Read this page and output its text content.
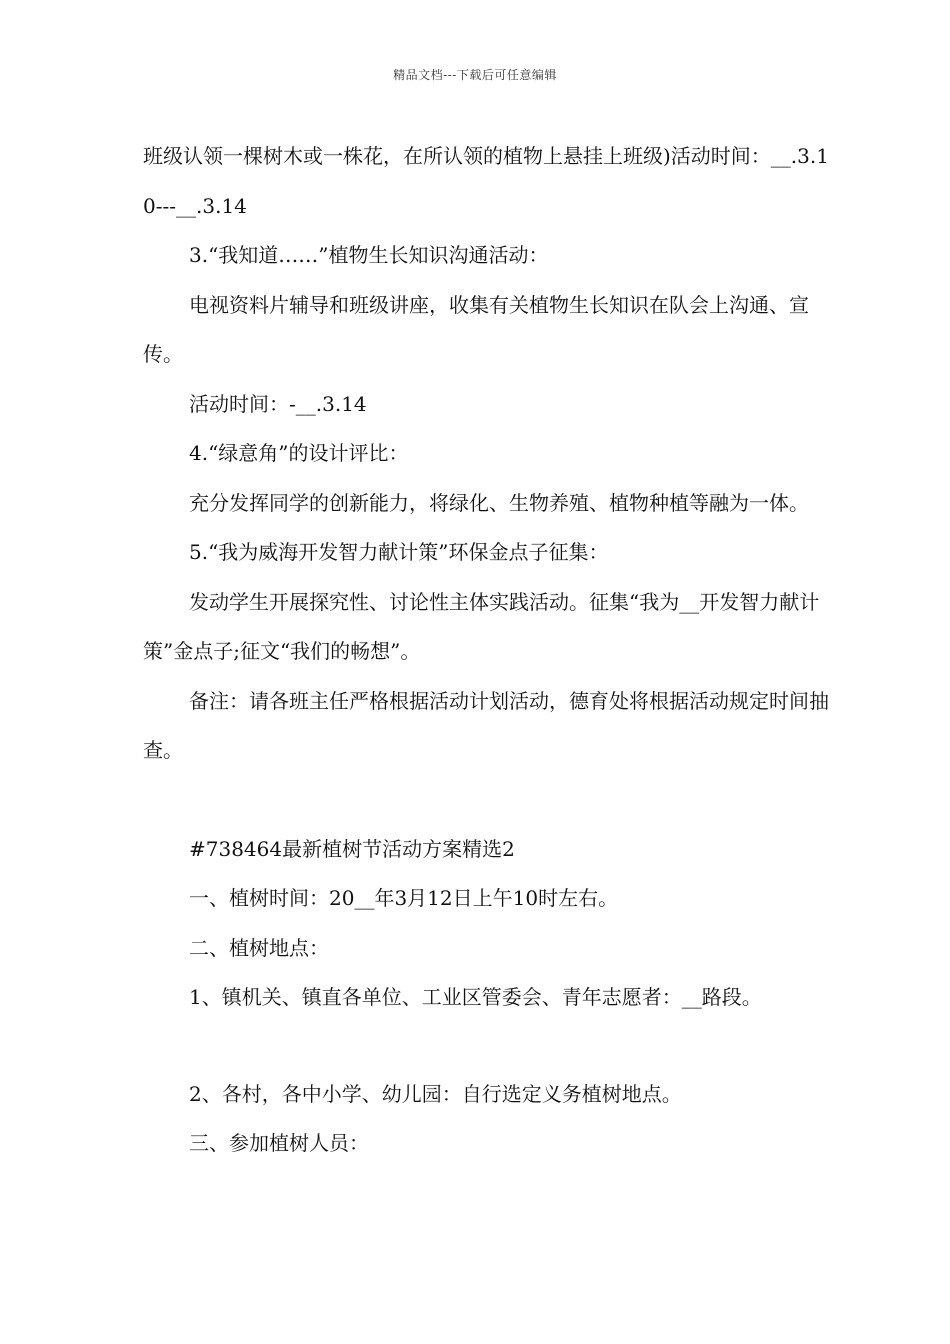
精品文档---下载后可任意编辑

班级认领一棵树木或一株花，在所认领的植物上悬挂上班级)活动时间：__.3.10---__.3.14

3.“我知道……”植物生长知识沟通活动：

电视资料片辅导和班级讲座，收集有关植物生长知识在队会上沟通、宣传。

活动时间：-__.3.14

4.“绿意角”的设计评比：

充分发挥同学的创新能力，将绿化、生物养殖、植物种植等融为一体。

5.“我为威海开发智力献计策”环保金点子征集：

发动学生开展探究性、讨论性主体实践活动。征集“我为__开发智力献计策”金点子;征文“我们的畅想”。

备注：请各班主任严格根据活动计划活动，德育处将根据活动规定时间抽查。

#738464最新植树节活动方案精选2

一、植树时间：20__年3月12日上午10时左右。

二、植树地点：

1、镇机关、镇直各单位、工业区管委会、青年志愿者：__路段。

2、各村，各中小学、幼儿园：自行选定义务植树地点。

三、参加植树人员：
